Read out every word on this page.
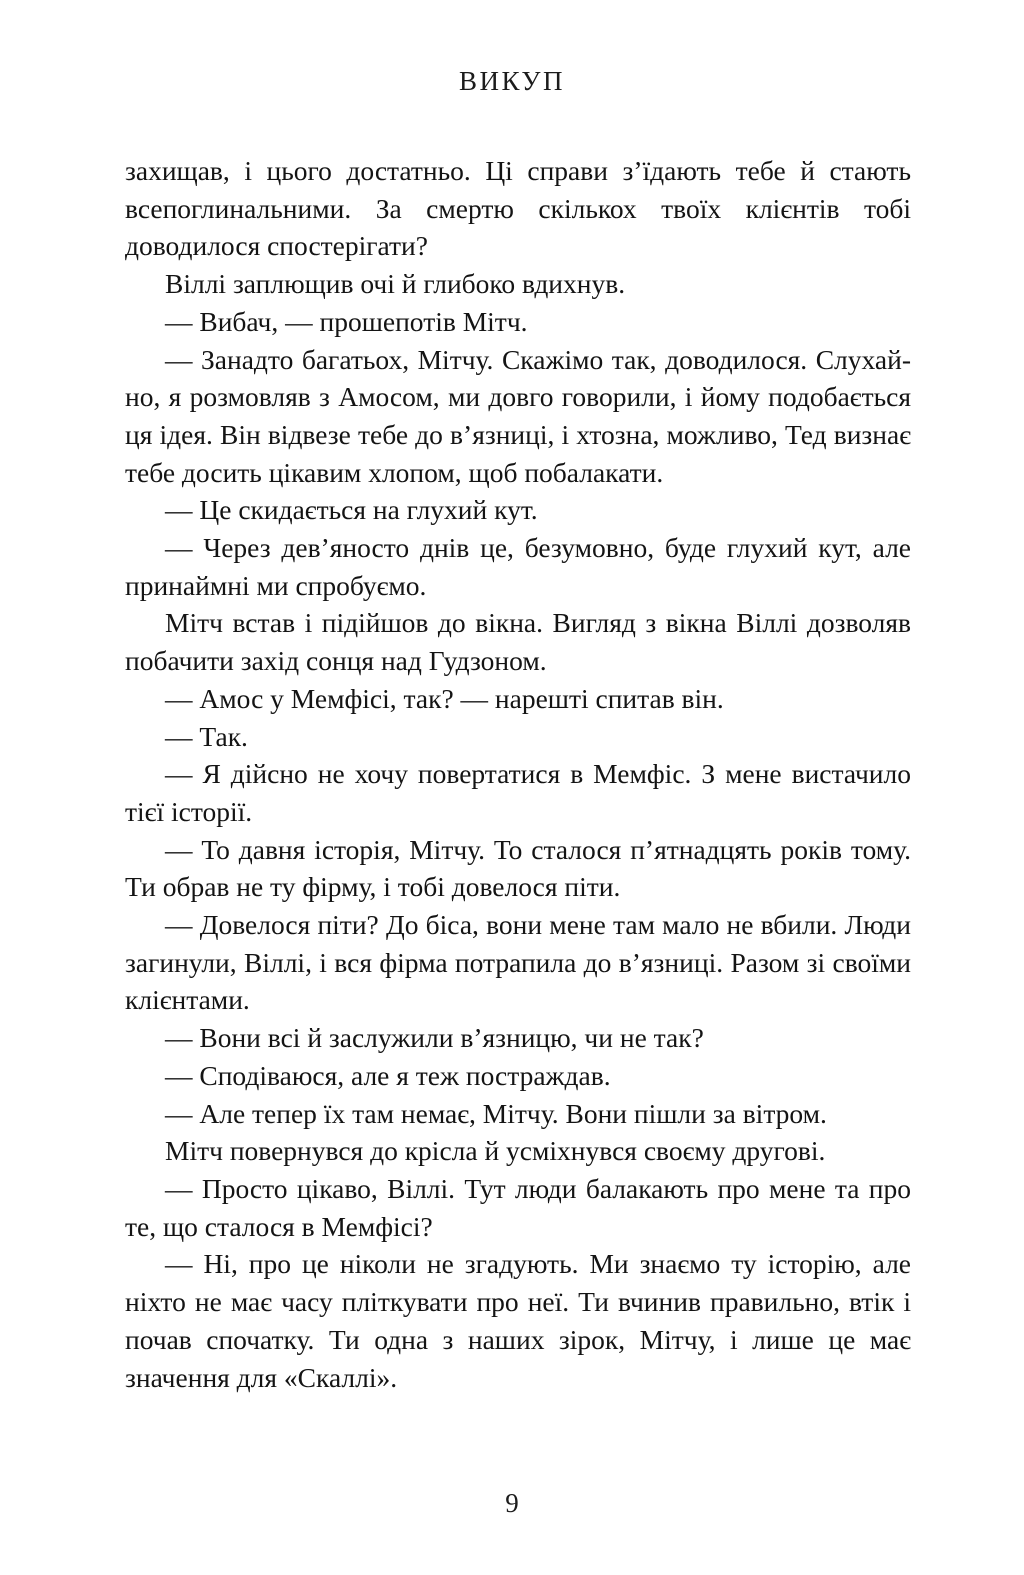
ВИКУП

захищав, і цього достатньо. Ці справи з’їдають тебе й стають всепоглинальними. За смертю скількох твоїх клієнтів тобі доводилося спостерігати?

Віллі заплющив очі й глибоко вдихнув.

— Вибач, — прошепотів Мітч.

— Занадто багатьох, Мітчу. Скажімо так, доводилося. Слухай-но, я розмовляв з Амосом, ми довго говорили, і йому подобається ця ідея. Він відвезе тебе до в’язниці, і хтозна, можливо, Тед визнає тебе досить цікавим хлопом, щоб побалакати.

— Це скидається на глухий кут.

— Через дев’яносто днів це, безумовно, буде глухий кут, але принаймні ми спробуємо.

Мітч встав і підійшов до вікна. Вигляд з вікна Віллі дозволяв побачити захід сонця над Гудзоном.

— Амос у Мемфісі, так? — нарешті спитав він.

— Так.

— Я дійсно не хочу повертатися в Мемфіс. З мене вистачило тієї історії.

— То давня історія, Мітчу. То сталося п’ятнадцять років тому. Ти обрав не ту фірму, і тобі довелося піти.

— Довелося піти? До біса, вони мене там мало не вбили. Люди загинули, Віллі, і вся фірма потрапила до в’язниці. Разом зі своїми клієнтами.

— Вони всі й заслужили в’язницю, чи не так?

— Сподіваюся, але я теж постраждав.

— Але тепер їх там немає, Мітчу. Вони пішли за вітром.

Мітч повернувся до крісла й усміхнувся своєму другові.

— Просто цікаво, Віллі. Тут люди балакають про мене та про те, що сталося в Мемфісі?

— Ні, про це ніколи не згадують. Ми знаємо ту історію, але ніхто не має часу пліткувати про неї. Ти вчинив правильно, втік і почав спочатку. Ти одна з наших зірок, Мітчу, і лише це має значення для «Скаллі».

9
